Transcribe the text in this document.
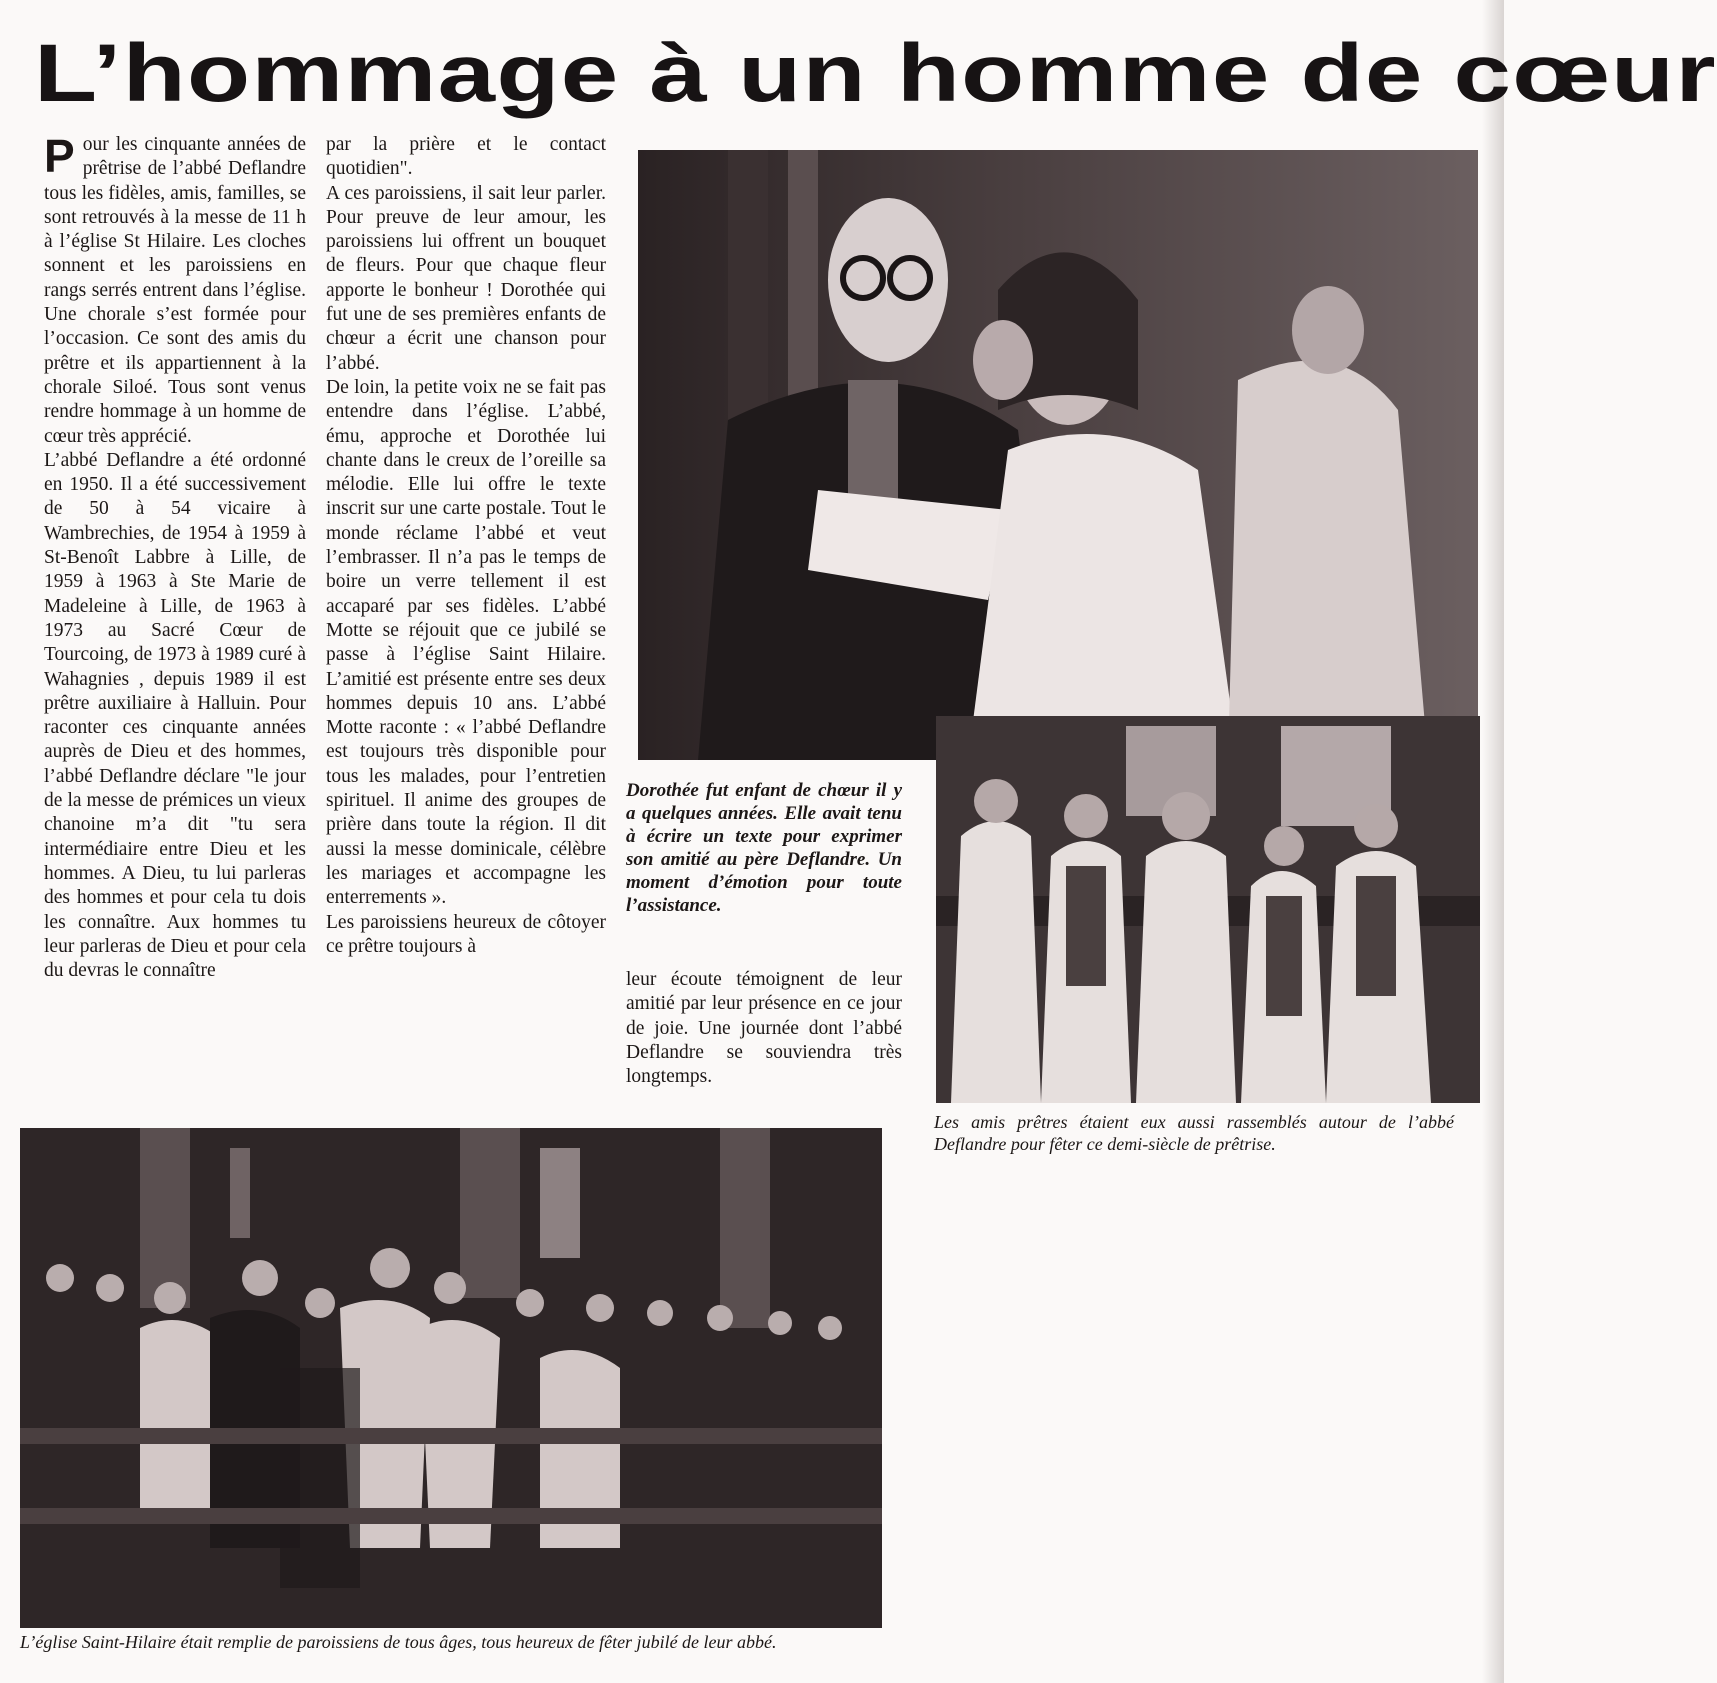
L’hommage à un homme de cœur

Pour les cinquante années de prêtrise de l’abbé Deflandre tous les fidèles, amis, familles, se sont retrouvés à la messe de 11 h à l’église St Hilaire. Les cloches sonnent et les paroissiens en rangs serrés entrent dans l’église. Une chorale s’est formée pour l’occasion. Ce sont des amis du prêtre et ils appartiennent à la chorale Siloé. Tous sont venus rendre hommage à un homme de cœur très apprécié.

L’abbé Deflandre a été ordonné en 1950. Il a été successivement de 50 à 54 vicaire à Wambrechies, de 1954 à 1959 à St-Benoît Labbre à Lille, de 1959 à 1963 à Ste Marie de Madeleine à Lille, de 1963 à 1973 au Sacré Cœur de Tourcoing, de 1973 à 1989 curé à Wahagnies , depuis 1989 il est prêtre auxiliaire à Halluin. Pour raconter ces cinquante années auprès de Dieu et des hommes, l’abbé Deflandre déclare "le jour de la messe de prémices un vieux chanoine m’a dit "tu sera intermédiaire entre Dieu et les hommes. A Dieu, tu lui parleras des hommes et pour cela tu dois les connaître. Aux hommes tu leur parleras de Dieu et pour cela du devras le connaître

par la prière et le contact quotidien".

A ces paroissiens, il sait leur parler. Pour preuve de leur amour, les paroissiens lui offrent un bouquet de fleurs. Pour que chaque fleur apporte le bonheur ! Dorothée qui fut une de ses premières enfants de chœur a écrit une chanson pour l’abbé.

De loin, la petite voix ne se fait pas entendre dans l’église. L’abbé, ému, approche et Dorothée lui chante dans le creux de l’oreille sa mélodie. Elle lui offre le texte inscrit sur une carte postale. Tout le monde réclame l’abbé et veut l’embrasser. Il n’a pas le temps de boire un verre tellement il est accaparé par ses fidèles. L’abbé Motte se réjouit que ce jubilé se passe à l’église Saint Hilaire. L’amitié est présente entre ses deux hommes depuis 10 ans. L’abbé Motte raconte : « l’abbé Deflandre est toujours très disponible pour tous les malades, pour l’entretien spirituel. Il anime des groupes de prière dans toute la région. Il dit aussi la messe dominicale, célèbre les mariages et accompagne les enterrements ».

Les paroissiens heureux de côtoyer ce prêtre toujours à

Dorothée fut enfant de chœur il y a quelques années. Elle avait tenu à écrire un texte pour exprimer son amitié au père Deflandre. Un moment d’émotion pour toute l’assistance.
leur écoute témoignent de leur amitié par leur présence en ce jour de joie. Une journée dont l’abbé Deflandre se souviendra très longtemps.
Les amis prêtres étaient eux aussi rassemblés autour de l’abbé Deflandre pour fêter ce demi-siècle de prêtrise.
L’église Saint-Hilaire était remplie de paroissiens de tous âges, tous heureux de fêter jubilé de leur abbé.
